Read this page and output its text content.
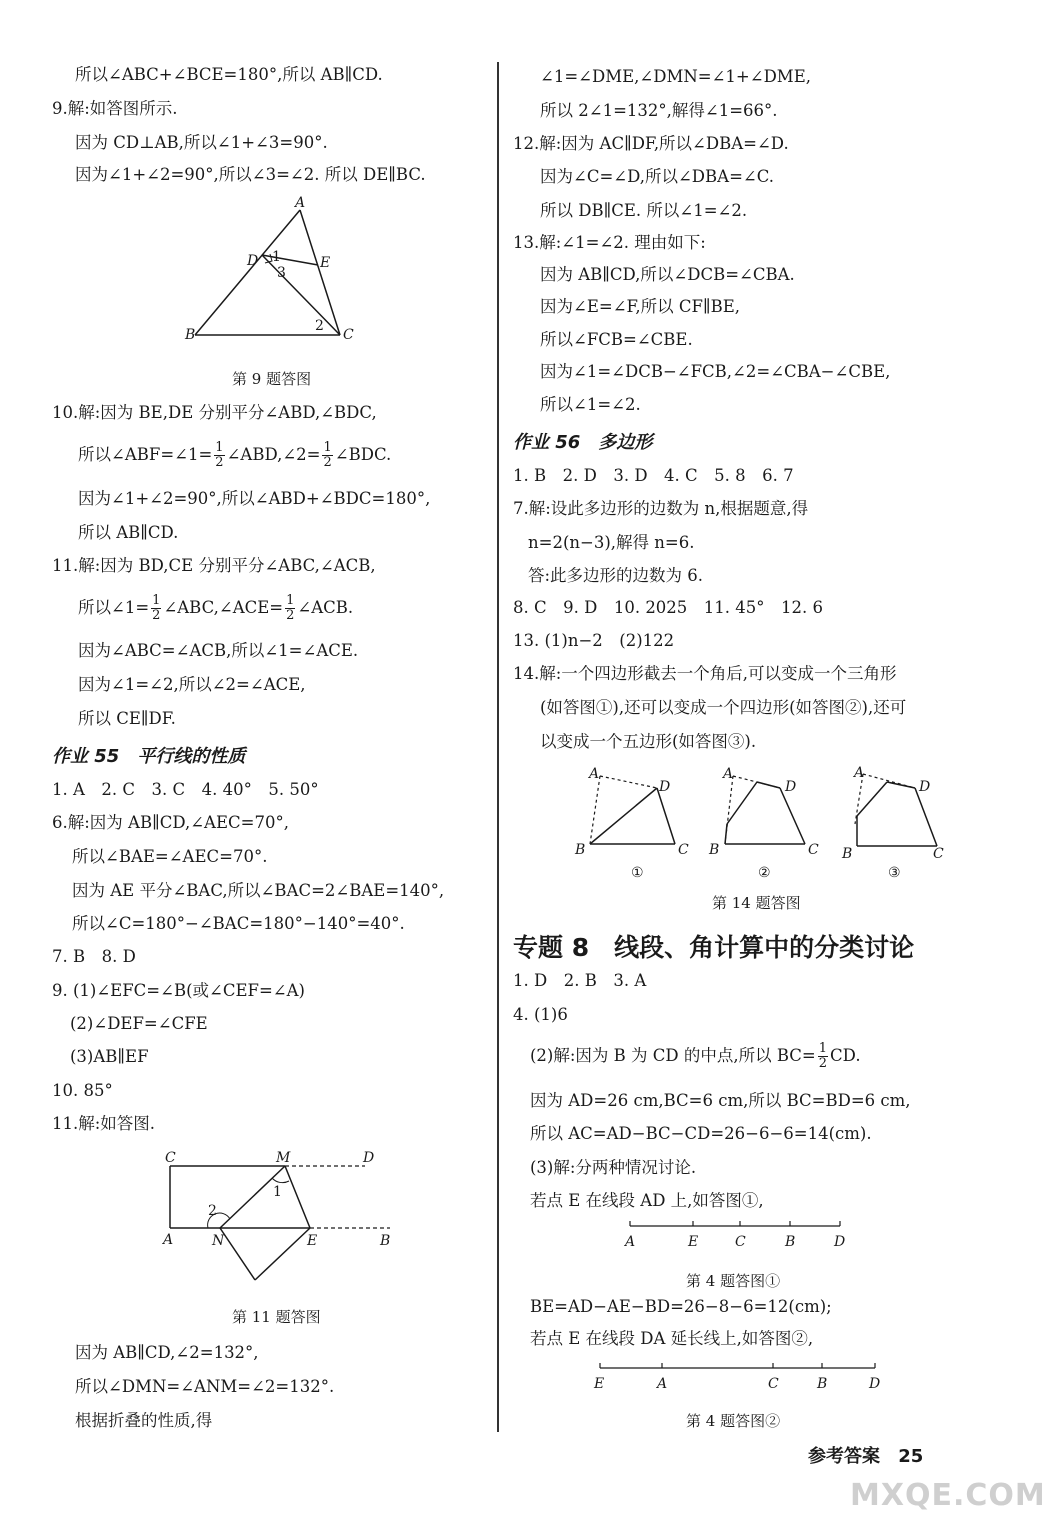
所以∠ABC+∠BCE=180°,所以 AB∥CD.
9.解:如答图所示.
因为 CD⊥AB,所以∠1+∠3=90°.
因为∠1+∠2=90°,所以∠3=∠2. 所以 DE∥BC.
A
B	C
D	E
1
3
2
第 9 题答图
10.解:因为 BE,DE 分别平分∠ABD,∠BDC,
所以∠ABF=∠1= $\frac{1}{2}$ ∠ABD,∠2= $\frac{1}{2}$ ∠BDC.
因为∠1+∠2=90°,所以∠ABD+∠BDC=180°,
所以 AB∥CD.
11.解:因为 BD,CE 分别平分∠ABC,∠ACB,
所以∠1= $\frac{1}{2}$ ∠ABC,∠ACE= $\frac{1}{2}$ ∠ACB.
因为∠ABC=∠ACB,所以∠1=∠ACE.
因为∠1=∠2,所以∠2=∠ACE,
所以 CE∥DF.
作业 55　平行线的性质
1. A　2. C　3. C　4. 40°　5. 50°
6.解:因为 AB∥CD,∠AEC=70°,
所以∠BAE=∠AEC=70°.
因为 AE 平分∠BAC,所以∠BAC=2∠BAE=140°,
所以∠C=180°−∠BAC=180°−140°=40°.
7. B　8. D
9. (1)∠EFC=∠B(或∠CEF=∠A)
(2)∠DEF=∠CFE
(3)AB∥EF
10. 85°
11.解:如答图.
C	M	D
A	N	E	B
1
2
第 11 题答图
因为 AB∥CD,∠2=132°,
所以∠DMN=∠ANM=∠2=132°.
根据折叠的性质,得
∠1=∠DME,∠DMN=∠1+∠DME,
所以 2∠1=132°,解得∠1=66°.
12.解:因为 AC∥DF,所以∠DBA=∠D.
因为∠C=∠D,所以∠DBA=∠C.
所以 DB∥CE. 所以∠1=∠2.
13.解:∠1=∠2. 理由如下:
因为 AB∥CD,所以∠DCB=∠CBA.
因为∠E=∠F,所以 CF∥BE,
所以∠FCB=∠CBE.
因为∠1=∠DCB−∠FCB,∠2=∠CBA−∠CBE,
所以∠1=∠2.
作业 56　多边形
1. B　2. D　3. D　4. C　5. 8　6. 7
7.解:设此多边形的边数为 n,根据题意,得
n=2(n−3),解得 n=6.
答:此多边形的边数为 6.
8. C　9. D　10. 2025　11. 45°　12. 6
13. (1)n−2　(2)122
14.解:一个四边形截去一个角后,可以变成一个三角形
(如答图①),还可以变成一个四边形(如答图②),还可
以变成一个五边形(如答图③).
A
D
B	C
①
A
D
B	C
②
A
D
B	C
③
第 14 题答图
专题 8　线段、角计算中的分类讨论
1. D　2. B　3. A
4. (1)6
(2)解:因为 B 为 CD 的中点,所以 $BC= \frac{1}{2}$ CD.
因为 AD=26 cm,BC=6 cm,所以 BC=BD=6 cm,
所以 AC=AD−BC−CD=26−6−6=14(cm).
(3)解:分两种情况讨论.
若点 E 在线段 AD 上,如答图①,
A	E	C	B	D
第 4 题答图①
BE=AD−AE−BD=26−8−6=12(cm);
若点 E 在线段 DA 延长线上,如答图②,
E	A	C	B	D
第 4 题答图②
参考答案 25
MXQE.COM
